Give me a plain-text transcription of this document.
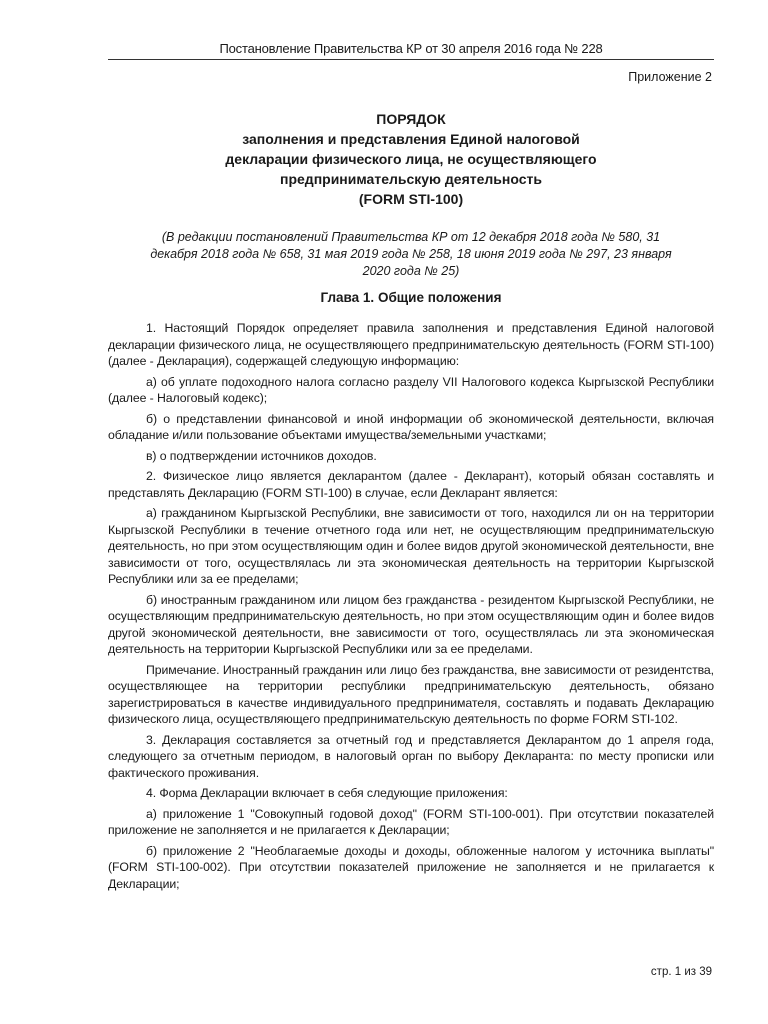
Постановление Правительства КР от 30 апреля 2016 года № 228
Приложение 2
ПОРЯДОК
заполнения и представления Единой налоговой
декларации физического лица, не осуществляющего
предпринимательскую деятельность
(FORM STI-100)
(В редакции постановлений Правительства КР от 12 декабря 2018 года № 580, 31 декабря 2018 года № 658, 31 мая 2019 года № 258, 18 июня 2019 года № 297, 23 января 2020 года № 25)
Глава 1. Общие положения

1. Настоящий Порядок определяет правила заполнения и представления Единой налоговой декларации физического лица, не осуществляющего предпринимательскую деятельность (FORM STI-100) (далее - Декларация), содержащей следующую информацию:

а) об уплате подоходного налога согласно разделу VII Налогового кодекса Кыргызской Республики (далее - Налоговый кодекс);

б) о представлении финансовой и иной информации об экономической деятельности, включая обладание и/или пользование объектами имущества/земельными участками;

в) о подтверждении источников доходов.

2. Физическое лицо является декларантом (далее - Декларант), который обязан составлять и представлять Декларацию (FORM STI-100) в случае, если Декларант является:

а) гражданином Кыргызской Республики, вне зависимости от того, находился ли он на территории Кыргызской Республики в течение отчетного года или нет, не осуществляющим предпринимательскую деятельность, но при этом осуществляющим один и более видов другой экономической деятельности, вне зависимости от того, осуществлялась ли эта экономическая деятельность на территории Кыргызской Республики или за ее пределами;

б) иностранным гражданином или лицом без гражданства - резидентом Кыргызской Республики, не осуществляющим предпринимательскую деятельность, но при этом осуществляющим один и более видов другой экономической деятельности, вне зависимости от того, осуществлялась ли эта экономическая деятельность на территории Кыргызской Республики или за ее пределами.

Примечание. Иностранный гражданин или лицо без гражданства, вне зависимости от резидентства, осуществляющее на территории республики предпринимательскую деятельность, обязано зарегистрироваться в качестве индивидуального предпринимателя, составлять и подавать Декларацию физического лица, осуществляющего предпринимательскую деятельность по форме FORM STI-102.

3. Декларация составляется за отчетный год и представляется Декларантом до 1 апреля года, следующего за отчетным периодом, в налоговый орган по выбору Декларанта: по месту прописки или фактического проживания.

4. Форма Декларации включает в себя следующие приложения:

а) приложение 1 "Совокупный годовой доход" (FORM STI-100-001). При отсутствии показателей приложение не заполняется и не прилагается к Декларации;

б) приложение 2 "Необлагаемые доходы и доходы, обложенные налогом у источника выплаты" (FORM STI-100-002). При отсутствии показателей приложение не заполняется и не прилагается к Декларации;

стр. 1 из 39
